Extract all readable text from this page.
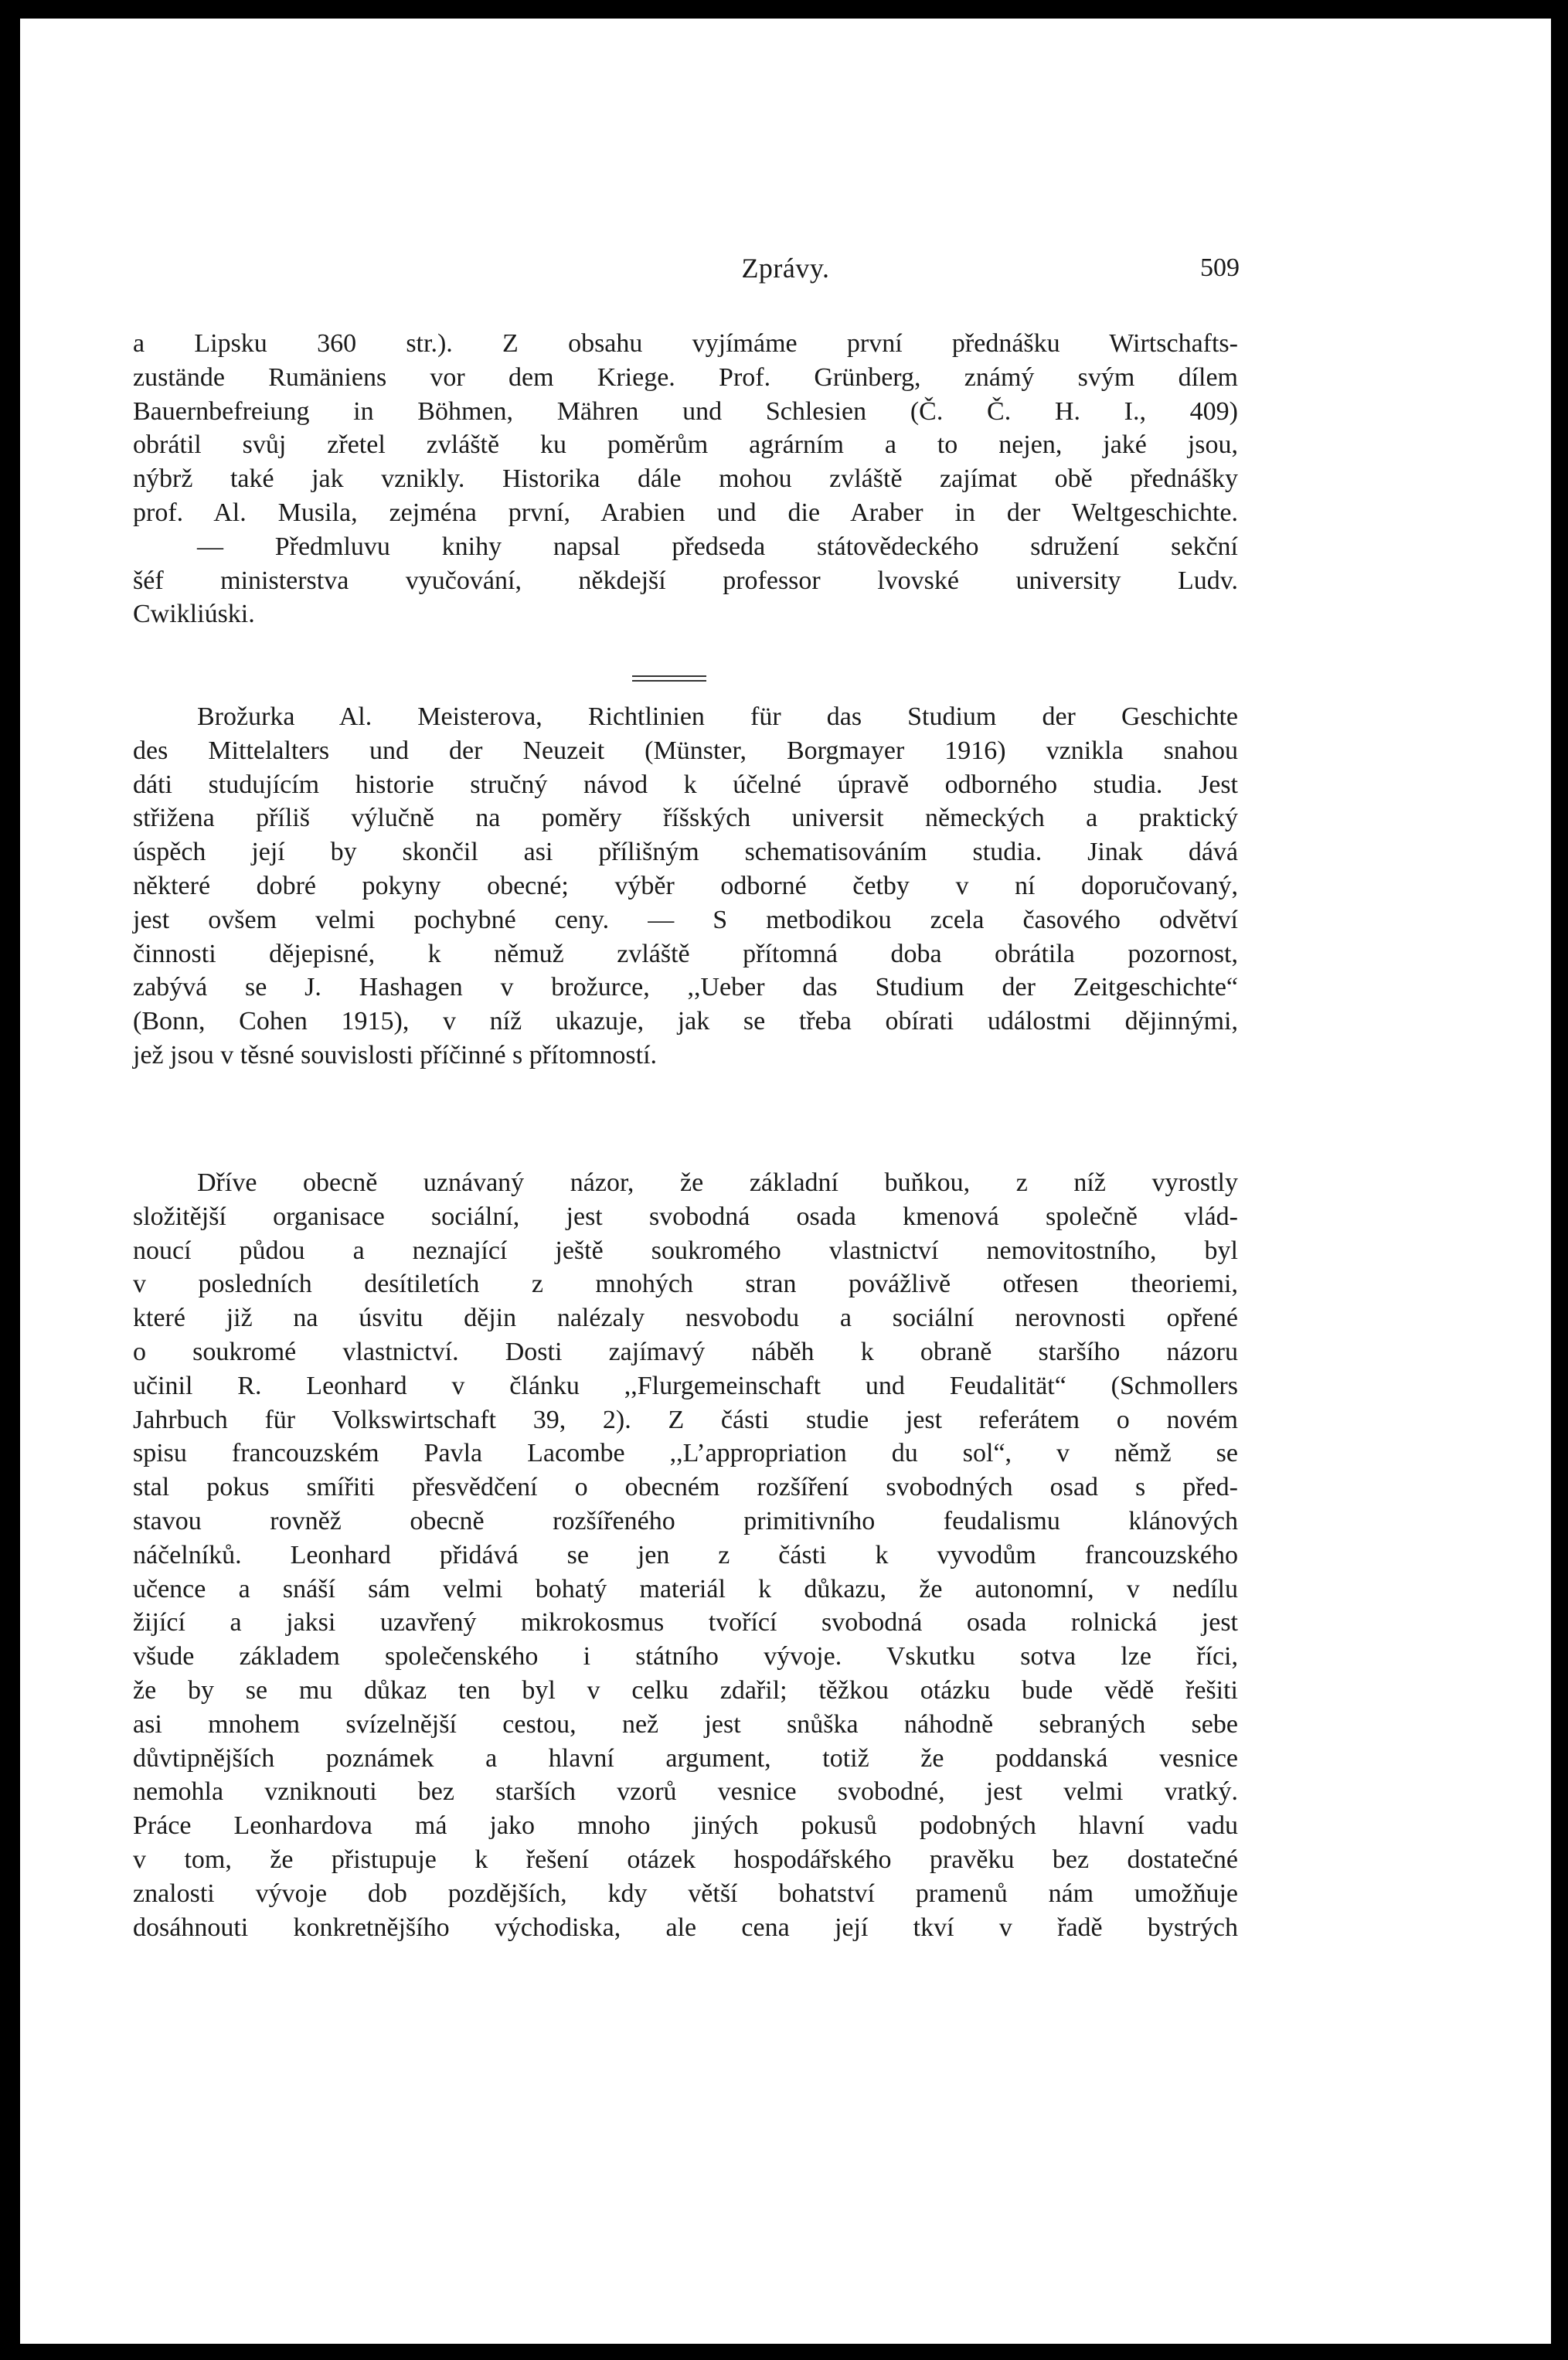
Zprávy.	509
a Lipsku 360 str.). Z obsahu vyjímáme první přednášku Wirtschafts-
zustände Rumäniens vor dem Kriege. Prof. Grünberg, známý svým dílem
Bauernbefreiung in Böhmen, Mähren und Schlesien (Č. Č. H. I., 409)
obrátil svůj zřetel zvláště ku poměrům agrárním a to nejen, jaké jsou,
nýbrž také jak vznikly. Historika dále mohou zvláště zajímat obě přednášky
prof. Al. Musila, zejména první, Arabien und die Araber in der Weltgeschichte.
— Předmluvu knihy napsal předseda státovědeckého sdružení sekční
šéf ministerstva vyučování, někdejší professor lvovské university Ludv.
Cwikliúski.
Brožurka Al. Meisterova, Richtlinien für das Studium der Geschichte
des Mittelalters und der Neuzeit (Münster, Borgmayer 1916) vznikla snahou
dáti studujícím historie stručný návod k účelné úpravě odborného studia. Jest
střižena příliš výlučně na poměry říšských universit německých a praktický
úspěch její by skončil asi přílišným schematisováním studia. Jinak dává
některé dobré pokyny obecné; výběr odborné četby v ní doporučovaný,
jest ovšem velmi pochybné ceny. — S metbodikou zcela časového odvětví
činnosti dějepisné, k němuž zvláště přítomná doba obrátila pozornost,
zabývá se J. Hashagen v brožurce, ,,Ueber das Studium der Zeitgeschichte“
(Bonn, Cohen 1915), v níž ukazuje, jak se třeba obírati událostmi dějinnými,
jež jsou v těsné souvislosti příčinné s přítomností.
Dříve obecně uznávaný názor, že základní buňkou, z níž vyrostly
složitější organisace sociální, jest svobodná osada kmenová společně vlád-
noucí půdou a neznající ještě soukromého vlastnictví nemovitostního, byl
v posledních desítiletích z mnohých stran povážlivě otřesen theoriemi,
které již na úsvitu dějin nalézaly nesvobodu a sociální nerovnosti opřené
o soukromé vlastnictví. Dosti zajímavý náběh k obraně staršího názoru
učinil R. Leonhard v článku ,,Flurgemeinschaft und Feudalität“ (Schmollers
Jahrbuch für Volkswirtschaft 39, 2). Z části studie jest referátem o novém
spisu francouzském Pavla Lacombe ,,L’appropriation du sol“, v němž se
stal pokus smířiti přesvědčení o obecném rozšíření svobodných osad s před-
stavou rovněž obecně rozšířeného primitivního feudalismu klánových
náčelníků. Leonhard přidává se jen z části k vyvodům francouzského
učence a snáší sám velmi bohatý materiál k důkazu, že autonomní, v nedílu
žijící a jaksi uzavřený mikrokosmus tvořící svobodná osada rolnická jest
všude základem společenského i státního vývoje. Vskutku sotva lze říci,
že by se mu důkaz ten byl v celku zdařil; těžkou otázku bude vědě řešiti
asi mnohem svízelnější cestou, než jest snůška náhodně sebraných sebe
důvtipnějších poznámek a hlavní argument, totiž že poddanská vesnice
nemohla vzniknouti bez starších vzorů vesnice svobodné, jest velmi vratký.
Práce Leonhardova má jako mnoho jiných pokusů podobných hlavní vadu
v tom, že přistupuje k řešení otázek hospodářského pravěku bez dostatečné
znalosti vývoje dob pozdějších, kdy větší bohatství pramenů nám umožňuje
dosáhnouti konkretnějšího východiska, ale cena její tkví v řadě bystrých
